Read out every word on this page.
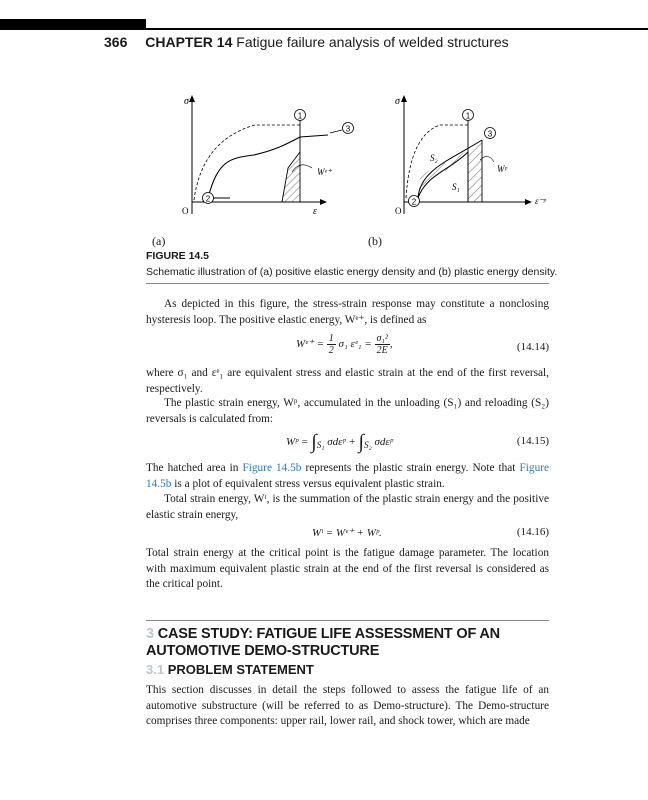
366 CHAPTER 14 Fatigue failure analysis of welded structures
σ
ε
O
1
3
2
Wᵉ⁺
σ
ε⁻ᵖ
O
1
3
2
S₂
S₁
Wᵖ
(a)	(b)
FIGURE 14.5
Schematic illustration of (a) positive elastic energy density and (b) plastic energy density.

As depicted in this figure, the stress-strain response may constitute a nonclosing hysteresis loop. The positive elastic energy, Wᵉ⁺, is defined as

Wᵉ⁺ = $\frac{1}{2} \sigma_1$ εᵉ₁ = $\frac{\text{σ₁²}}{2E}$ ,	(14.14)

where σ₁ and εᵉ₁ are equivalent stress and elastic strain at the end of the first reversal, respectively.

The plastic strain energy, Wᵖ, accumulated in the unloading (S₁) and reloading (S₂) reversals is calculated from:

Wᵖ = $\int_{S_1}$ σdεᵖ + $\int_{S_2}$ σdεᵖ	(14.15)

The hatched area in Figure 14.5b represents the plastic strain energy. Note that Figure 14.5b is a plot of equivalent stress versus equivalent plastic strain.

Total strain energy, Wᵗ, is the summation of the plastic strain energy and the positive elastic strain energy,

Wᵗ = Wᵉ⁺ + Wᵖ.	(14.16)

Total strain energy at the critical point is the fatigue damage parameter. The location with maximum equivalent plastic strain at the end of the first reversal is considered as the critical point.

3 CASE STUDY: FATIGUE LIFE ASSESSMENT OF AN AUTOMOTIVE DEMO-STRUCTURE
3.1 PROBLEM STATEMENT

This section discusses in detail the steps followed to assess the fatigue life of an automotive substructure (will be referred to as Demo-structure). The Demo-structure comprises three components: upper rail, lower rail, and shock tower, which are made
